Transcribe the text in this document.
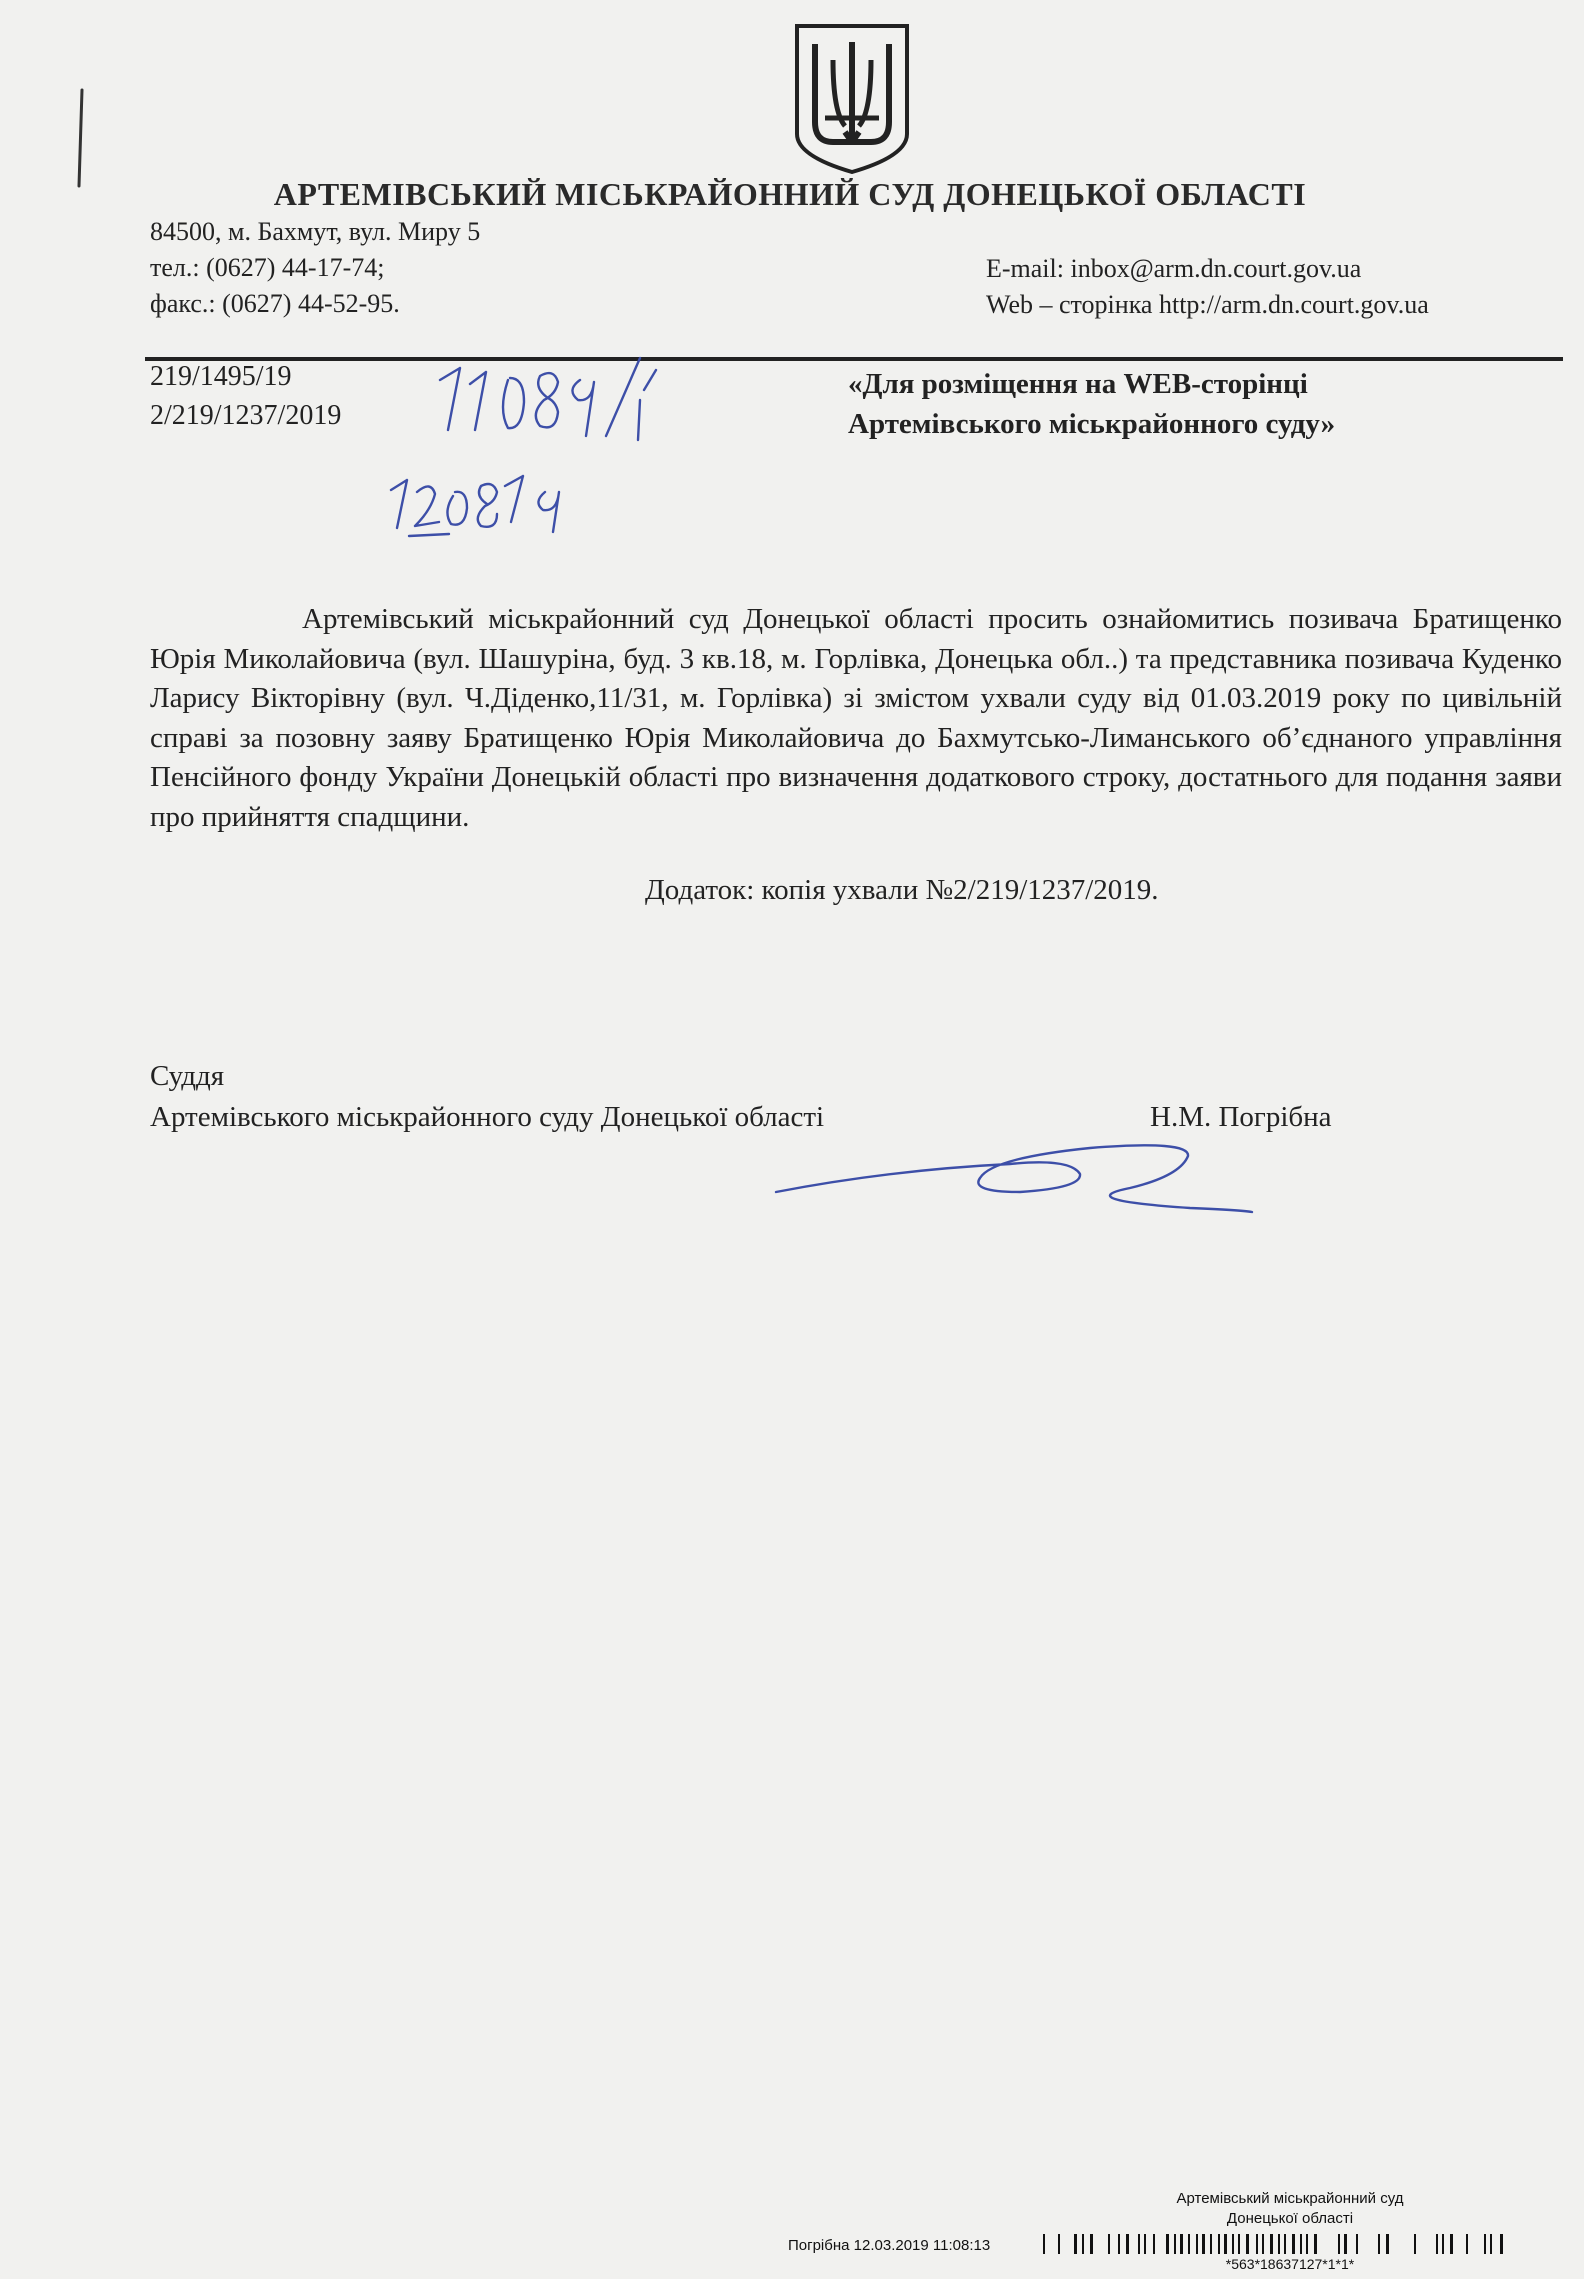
АРТЕМІВСЬКИЙ МІСЬКРАЙОННИЙ СУД ДОНЕЦЬКОЇ ОБЛАСТІ
84500, м. Бахмут, вул. Миру 5
тел.: (0627) 44-17-74;
факс.: (0627) 44-52-95.
E-mail: inbox@arm.dn.court.gov.ua
Web – сторінка http://arm.dn.court.gov.ua
219/1495/19
2/219/1237/2019
«Для розміщення на WEB-сторінці
Артемівського міськрайонного суду»
Артемівський міськрайонний суд Донецької області просить ознайомитись позивача Братищенко Юрія Миколайовича (вул. Шашуріна, буд. 3 кв.18, м. Горлівка, Донецька обл..) та представника позивача Куденко Ларису Вікторівну (вул. Ч.Діденко,11/31, м. Горлівка) зі змістом ухвали суду від 01.03.2019 року по цивільній справі за позовну заяву Братищенко Юрія Миколайовича до Бахмутсько-Лиманського об’єднаного управління Пенсійного фонду України Донецькій області про визначення додаткового строку, достатнього для подання заяви про прийняття спадщини.
Додаток: копія ухвали №2/219/1237/2019.
Суддя
Артемівського міськрайонного суду Донецької області	Н.М. Погрібна
Артемівський міськрайонний суд
Донецької області
Погрібна 12.03.2019 11:08:13
*563*18637127*1*1*
